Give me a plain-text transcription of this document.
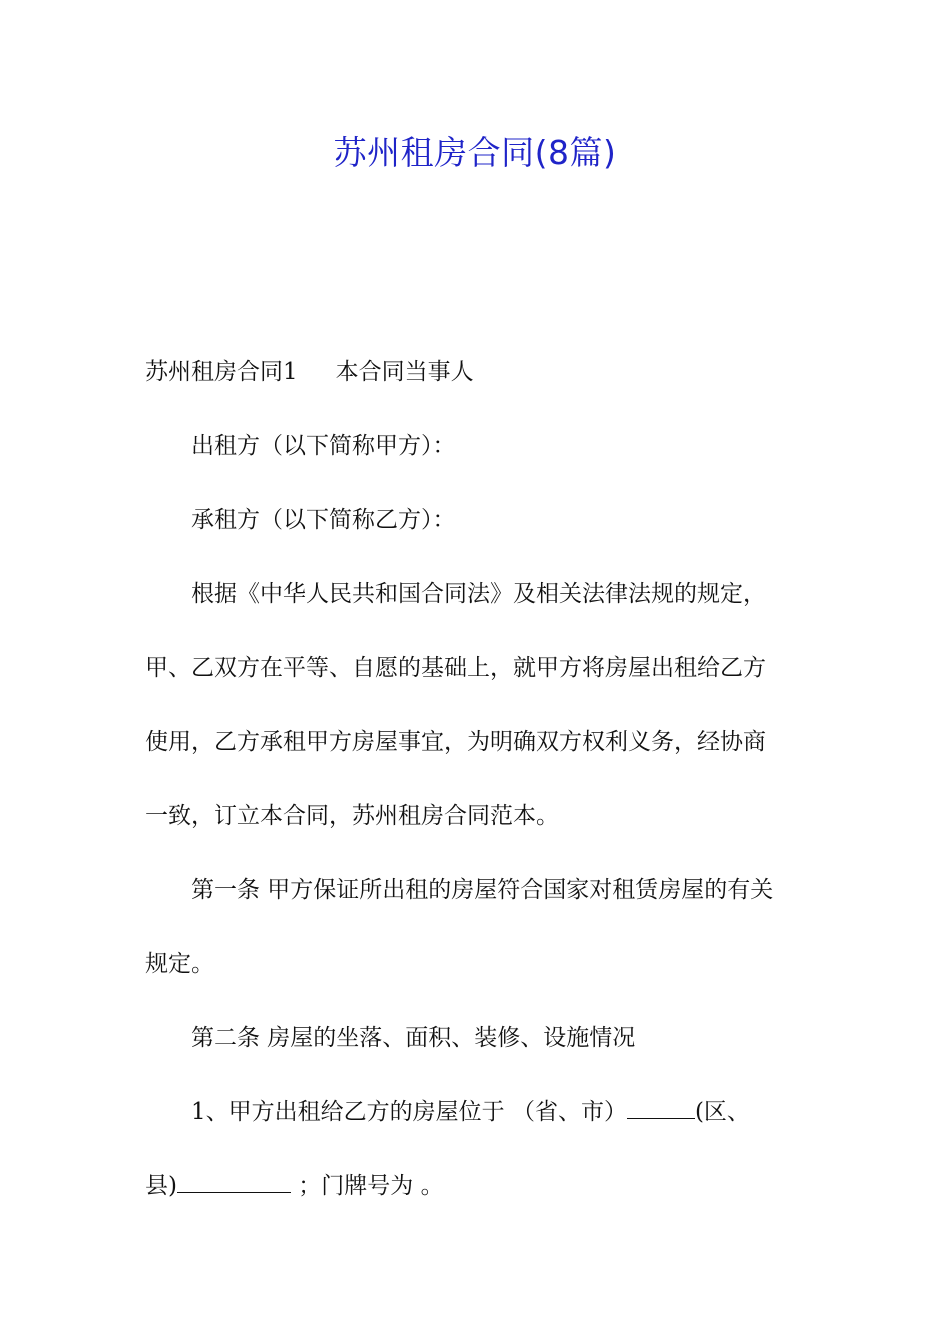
苏州租房合同(8篇)
苏州租房合同1 本合同当事人
出租方（以下简称甲方）：
承租方（以下简称乙方）：
根据《中华人民共和国合同法》及相关法律法规的规定，
甲、乙双方在平等、自愿的基础上，就甲方将房屋出租给乙方
使用，乙方承租甲方房屋事宜，为明确双方权利义务，经协商
一致，订立本合同，苏州租房合同范本。
第一条 甲方保证所出租的房屋符合国家对租赁房屋的有关
规定。
第二条 房屋的坐落、面积、装修、设施情况
1、甲方出租给乙方的房屋位于 （省、市）	(区、
县)	；门牌号为 。
